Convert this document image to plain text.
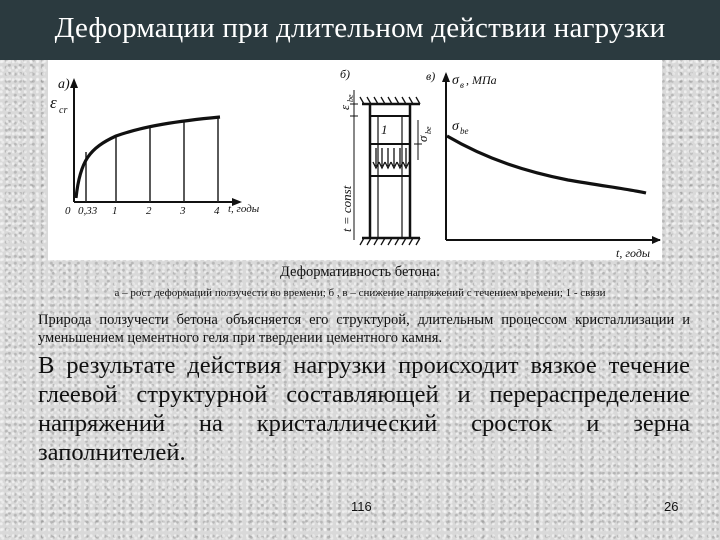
Деформации при длительном действии нагрузки
а)
ε cr
0 0,33 1	2	3	4 t, годы
б)
ε
be
σ
be
1
t = const
в) σ в , МПа
σ be
t, годы
Деформативность бетона:
а – рост деформаций ползучести во времени; б , в – снижение напряжений с течением времени; 1 - связи
Природа ползучести бетона объясняется его структурой, длительным процессом кристаллизации и уменьшением цементного геля при твердении цементного камня.
В результате действия нагрузки происходит вязкое течение глеевой структурной составляющей и перераспределение напряжений на кристаллический сросток и зерна заполнителей.
116	26
